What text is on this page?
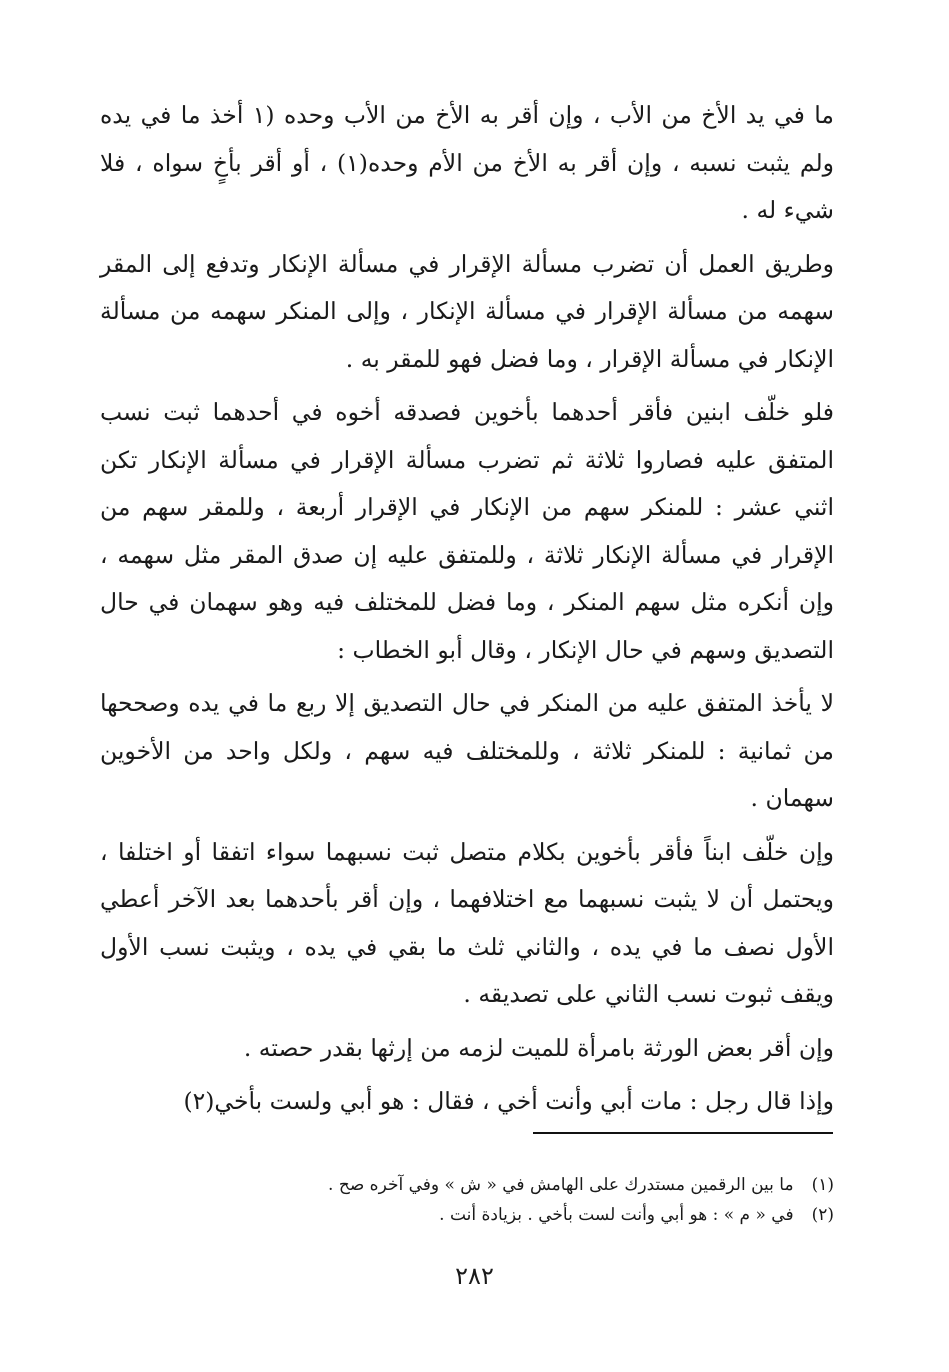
ما في يد الأخ من الأب ، وإن أقر به الأخ من الأب وحده (١ أخذ ما في يده ولم يثبت نسبه ، وإن أقر به الأخ من الأم وحده(١) ، أو أقر بأخٍ سواه ، فلا شيء له .

وطريق العمل أن تضرب مسألة الإقرار في مسألة الإنكار وتدفع إلى المقر سهمه من مسألة الإقرار في مسألة الإنكار ، وإلى المنكر سهمه من مسألة الإنكار في مسألة الإقرار ، وما فضل فهو للمقر به .

فلو خلّف ابنين فأقر أحدهما بأخوين فصدقه أخوه في أحدهما ثبت نسب المتفق عليه فصاروا ثلاثة ثم تضرب مسألة الإقرار في مسألة الإنكار تكن اثني عشر : للمنكر سهم من الإنكار في الإقرار أربعة ، وللمقر سهم من الإقرار في مسألة الإنكار ثلاثة ، وللمتفق عليه إن صدق المقر مثل سهمه ، وإن أنكره مثل سهم المنكر ، وما فضل للمختلف فيه وهو سهمان في حال التصديق وسهم في حال الإنكار ، وقال أبو الخطاب :

لا يأخذ المتفق عليه من المنكر في حال التصديق إلا ربع ما في يده وصححها من ثمانية : للمنكر ثلاثة ، وللمختلف فيه سهم ، ولكل واحد من الأخوين سهمان .

وإن خلّف ابناً فأقر بأخوين بكلام متصل ثبت نسبهما سواء اتفقا أو اختلفا ، ويحتمل أن لا يثبت نسبهما مع اختلافهما ، وإن أقر بأحدهما بعد الآخر أعطي الأول نصف ما في يده ، والثاني ثلث ما بقي في يده ، ويثبت نسب الأول ويقف ثبوت نسب الثاني على تصديقه .

وإن أقر بعض الورثة بامرأة للميت لزمه من إرثها بقدر حصته .

وإذا قال رجل : مات أبي وأنت أخي ، فقال : هو أبي ولست بأخي(٢)

(١)ما بين الرقمين مستدرك على الهامش في « ش » وفي آخره صح .

(٢)في « م » : هو أبي وأنت لست بأخي . بزيادة أنت .

٢٨٢
